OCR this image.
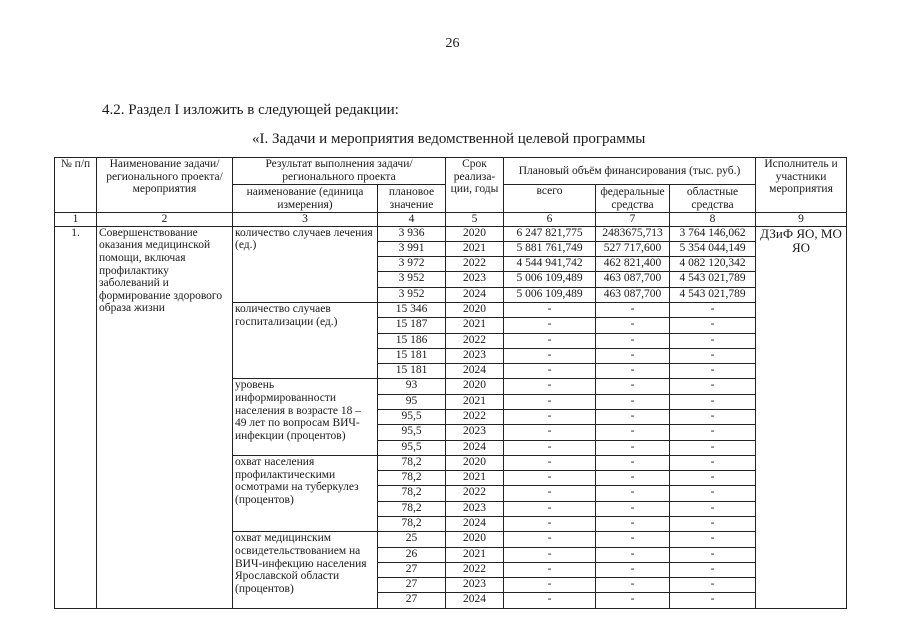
26
4.2. Раздел I изложить в следующей редакции:
«I. Задачи и мероприятия ведомственной целевой программы
№ п/п	Наименование задачи/ регионального проекта/ мероприятия	Результат выполнения задачи/ регионального проекта		Срок реализа-ции, годы	Плановый объём финансирования (тыс. руб.)			Исполнитель и участники мероприятия
		наименование (единица измерения)	плановое значение		всего	федеральные средства	областные средства	
1	2	3	4	5	6	7	8	9
1.	Совершенствование оказания медицинской помощи, включая профилактику заболеваний и формирование здорового образа жизни	количество случаев лечения (ед.)	3 936	2020	6 247 821,775	2483675,713	3 764 146,062	ДЗиФ ЯО, МО ЯО
			3 991	2021	5 881 761,749	527 717,600	5 354 044,149	
			3 972	2022	4 544 941,742	462 821,400	4 082 120,342	
			3 952	2023	5 006 109,489	463 087,700	4 543 021,789	
			3 952	2024	5 006 109,489	463 087,700	4 543 021,789	
		количество случаев госпитализации (ед.)	15 346	2020	-	-	-	
			15 187	2021	-	-	-	
			15 186	2022	-	-	-	
			15 181	2023	-	-	-	
			15 181	2024	-	-	-	
		уровень информированности населения в возрасте 18 – 49 лет по вопросам ВИЧ-инфекции (процентов)	93	2020	-	-	-	
			95	2021	-	-	-	
			95,5	2022	-	-	-	
			95,5	2023	-	-	-	
			95,5	2024	-	-	-	
		охват населения профилактическими осмотрами на туберкулез (процентов)	78,2	2020	-	-	-	
			78,2	2021	-	-	-	
			78,2	2022	-	-	-	
			78,2	2023	-	-	-	
			78,2	2024	-	-	-	
		охват медицинским освидетельствованием на ВИЧ-инфекцию населения Ярославской области (процентов)	25	2020	-	-	-	
			26	2021	-	-	-	
			27	2022	-	-	-	
			27	2023	-	-	-	
			27	2024	-	-	-	
